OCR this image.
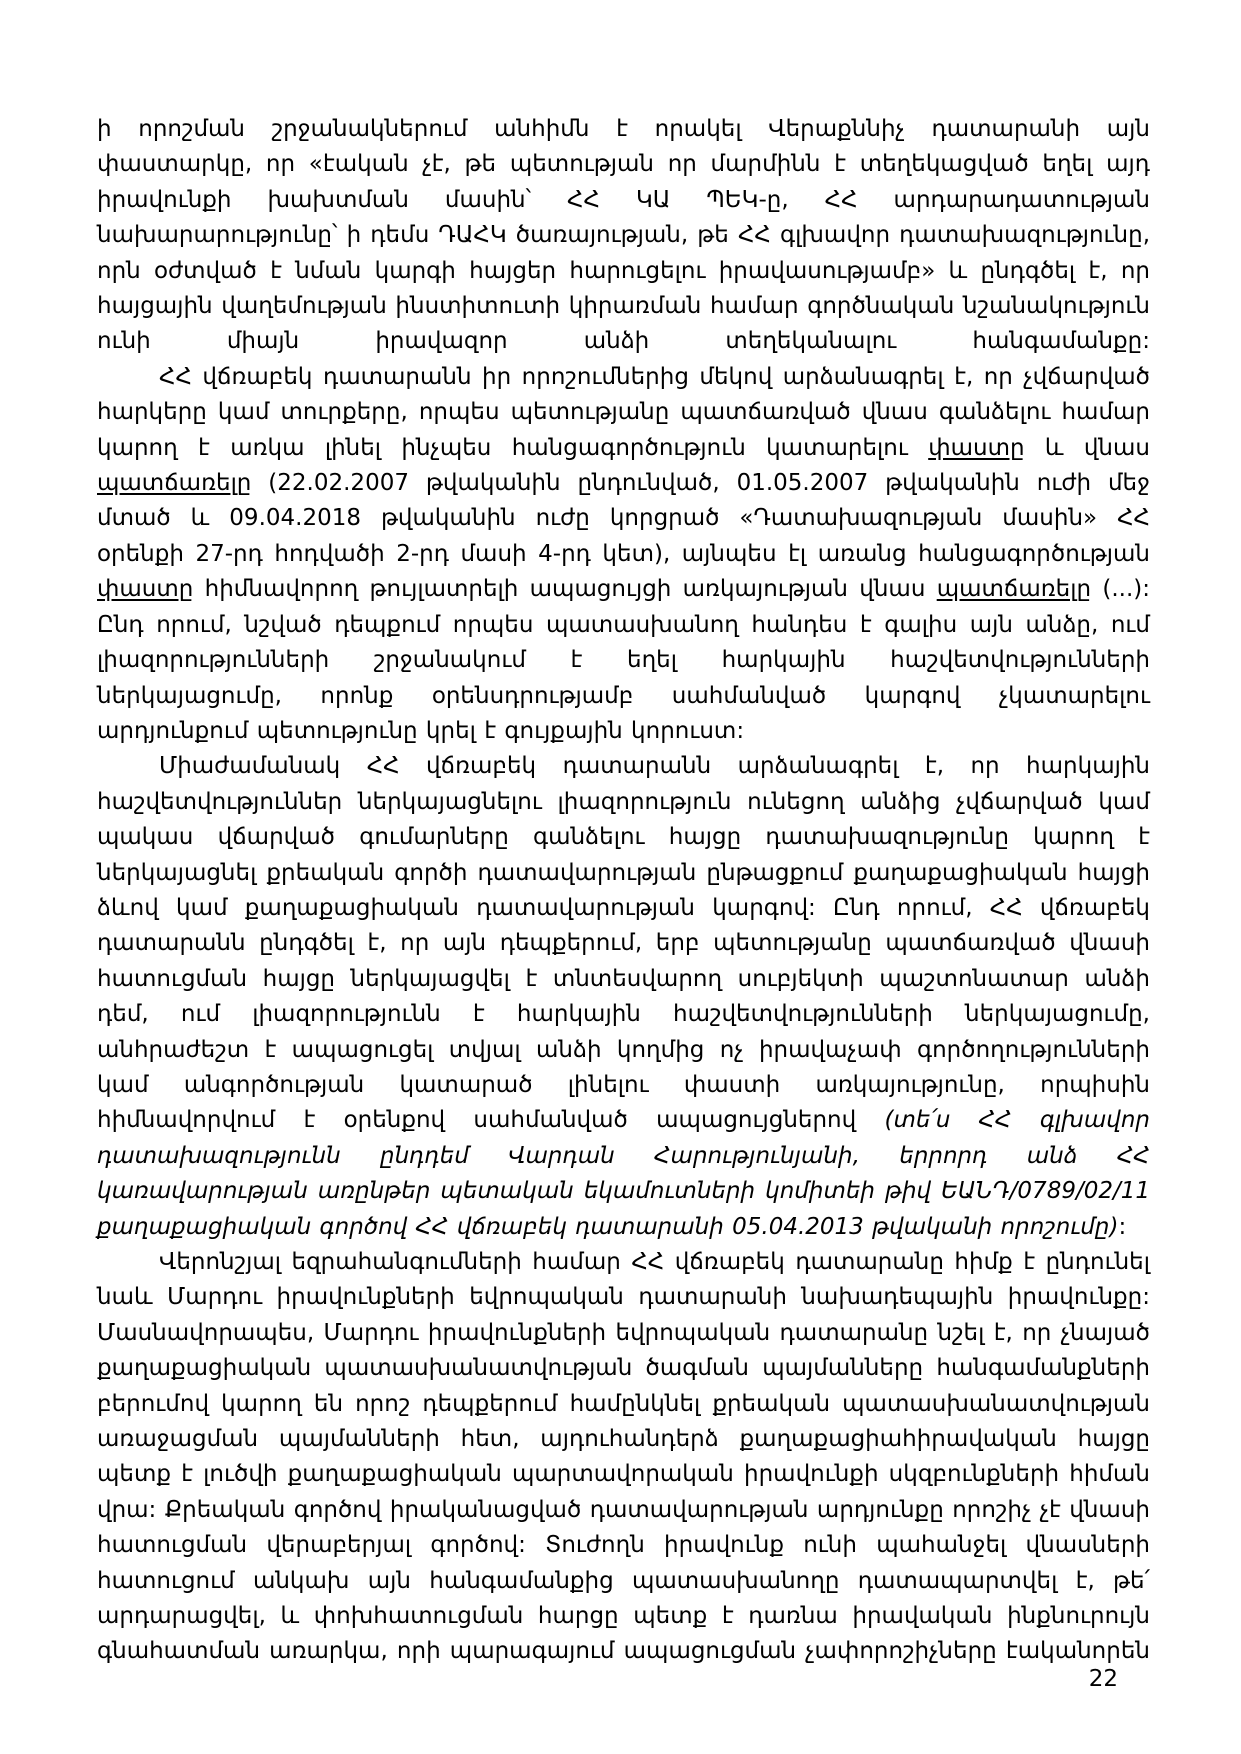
ի որոշման շրջանակներում անհիմն է որակել Վերաքննիչ դատարանի այն փաստարկը, որ «էական չէ, թե պետության որ մարմինն է տեղեկացված եղել այդ իրավունքի խախտման մասին՝ ՀՀ ԿԱ ՊԵԿ-ը, ՀՀ արդարադատության նախարարությունը՝ ի դեմս ԴԱՀԿ ծառայության, թե ՀՀ գլխավոր դատախազությունը, որն օժտված է նման կարգի հայցեր հարուցելու իրավասությամբ» և ընդգծել է, որ հայցային վաղեմության ինստիտուտի կիրառման համար գործնական նշանակություն ունի միայն իրավազոր անձի տեղեկանալու հանգամանքը:

ՀՀ վճռաբեկ դատարանն իր որոշումներից մեկով արձանագրել է, որ չվճարված հարկերը կամ տուրքերը, որպես պետությանը պատճառված վնաս գանձելու համար կարող է առկա լինել ինչպես հանցագործություն կատարելու փաստը և վնաս պատճառելը (22.02.2007 թվականին ընդունված, 01.05.2007 թվականին ուժի մեջ մտած և 09.04.2018 թվականին ուժը կորցրած «Դատախազության մասին» ՀՀ օրենքի 27-րդ հոդվածի 2-րդ մասի 4-րդ կետ), այնպես էլ առանց հանցագործության փաստը հիմնավորող թույլատրելի ապացույցի առկայության վնաս պատճառելը (...): Ընդ որում, նշված դեպքում որպես պատասխանող հանդես է գալիս այն անձը, ում լիազորությունների շրջանակում է եղել հարկային հաշվետվությունների ներկայացումը, որոնք օրենսդրությամբ սահմանված կարգով չկատարելու արդյունքում պետությունը կրել է գույքային կորուստ:

Միաժամանակ ՀՀ վճռաբեկ դատարանն արձանագրել է, որ հարկային հաշվետվություններ ներկայացնելու լիազորություն ունեցող անձից չվճարված կամ պակաս վճարված գումարները գանձելու հայցը դատախազությունը կարող է ներկայացնել քրեական գործի դատավարության ընթացքում քաղաքացիական հայցի ձևով կամ քաղաքացիական դատավարության կարգով: Ընդ որում, ՀՀ վճռաբեկ դատարանն ընդգծել է, որ այն դեպքերում, երբ պետությանը պատճառված վնասի հատուցման հայցը ներկայացվել է տնտեսվարող սուբյեկտի պաշտոնատար անձի դեմ, ում լիազորությունն է հարկային հաշվետվությունների ներկայացումը, անհրաժեշտ է ապացուցել տվյալ անձի կողմից ոչ իրավաչափ գործողությունների կամ անգործության կատարած լինելու փաստի առկայությունը, որպիսին հիմնավորվում է օրենքով սահմանված ապացույցներով (տե՛ս ՀՀ գլխավոր դատախազությունն ընդդեմ Վարդան Հարությունյանի, երրորդ անձ ՀՀ կառավարության առընթեր պետական եկամուտների կոմիտեի թիվ ԵԱՆԴ/0789/02/11 քաղաքացիական գործով ՀՀ վճռաբեկ դատարանի 05.04.2013 թվականի որոշումը):

Վերոնշյալ եզրահանգումների համար ՀՀ վճռաբեկ դատարանը հիմք է ընդունել նաև Մարդու իրավունքների եվրոպական դատարանի նախադեպային իրավունքը: Մասնավորապես, Մարդու իրավունքների եվրոպական դատարանը նշել է, որ չնայած քաղաքացիական պատասխանատվության ծագման պայմանները հանգամանքների բերումով կարող են որոշ դեպքերում համընկնել քրեական պատասխանատվության առաջացման պայմանների հետ, այդուհանդերձ քաղաքացիահիրավական հայցը պետք է լուծվի քաղաքացիական պարտավորական իրավունքի սկզբունքների հիման վրա: Քրեական գործով իրականացված դատավարության արդյունքը որոշիչ չէ վնասի հատուցման վերաբերյալ գործով: Տուժողն իրավունք ունի պահանջել վնասների հատուցում անկախ այն հանգամանքից պատասխանողը դատապարտվել է, թե՛ արդարացվել, և փոխհատուցման հարցը պետք է դառնա իրավական ինքնուրույն գնահատման առարկա, որի պարագայում ապացուցման չափորոշիչները էականորեն

22
